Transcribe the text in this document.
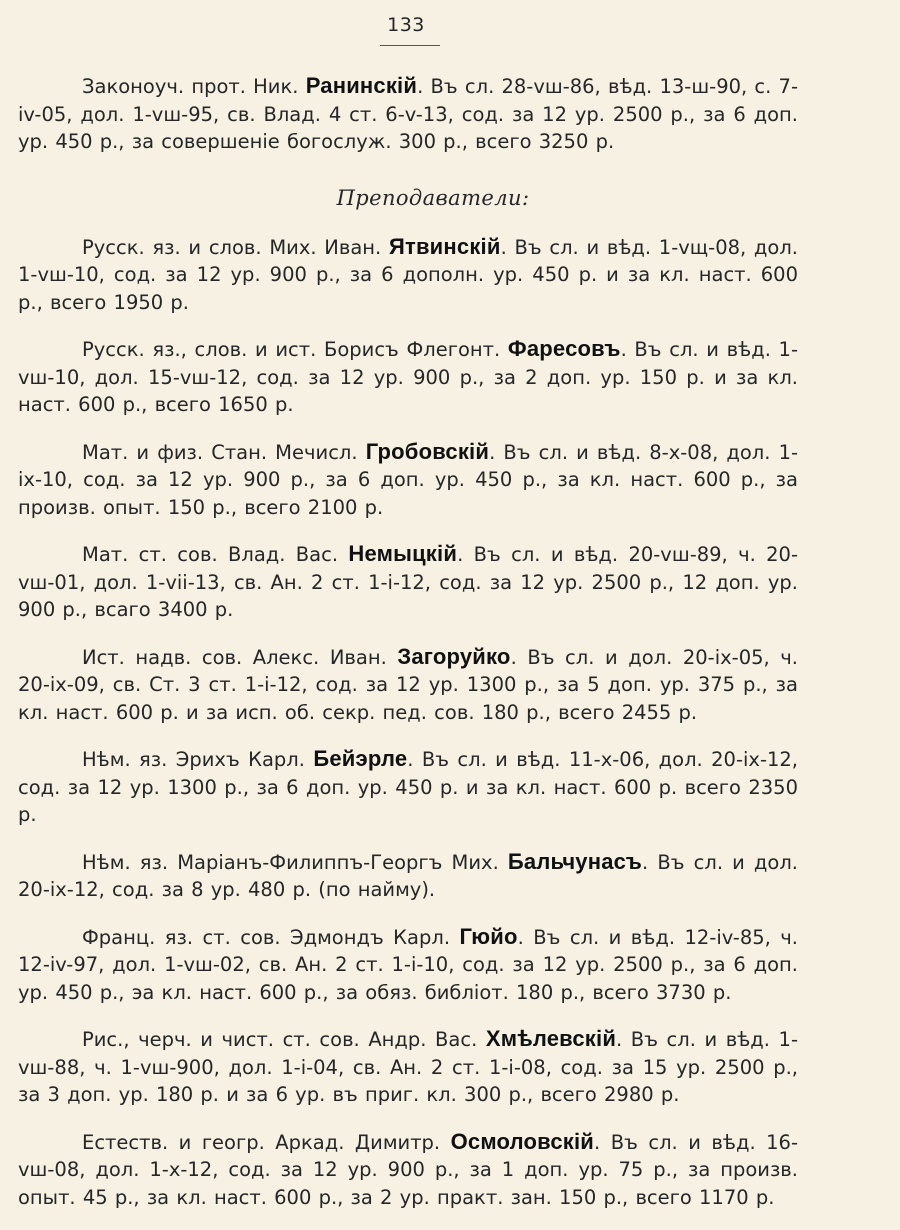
133

Законоуч. прот. Ник. Ранинскій. Въ сл. 28-vш-86, вѣд. 13-ш-90, с. 7-iv-05, дол. 1-vш-95, св. Влад. 4 ст. 6-v-13, сод. за 12 ур. 2500 р., за 6 доп. ур. 450 р., за совершеніе богослуж. 300 р., всего 3250 р.

Преподаватели:

Русск. яз. и слов. Мих. Иван. Ятвинскій. Въ сл. и вѣд. 1-vщ-08, дол. 1-vш-10, сод. за 12 ур. 900 р., за 6 дополн. ур. 450 р. и за кл. наст. 600 р., всего 1950 р.

Русск. яз., слов. и ист. Борисъ Флегонт. Фаресовъ. Въ сл. и вѣд. 1-vш-10, дол. 15-vш-12, сод. за 12 ур. 900 р., за 2 доп. ур. 150 р. и за кл. наст. 600 р., всего 1650 р.

Мат. и физ. Стан. Мечисл. Гробовскій. Въ сл. и вѣд. 8-х-08, дол. 1-ix-10, сод. за 12 ур. 900 р., за 6 доп. ур. 450 р., за кл. наст. 600 р., за произв. опыт. 150 р., всего 2100 р.

Мат. ст. сов. Влад. Вас. Немыцкій. Въ сл. и вѣд. 20-vш-89, ч. 20-vш-01, дол. 1-vii-13, св. Ан. 2 ст. 1-i-12, сод. за 12 ур. 2500 р., 12 доп. ур. 900 р., всаго 3400 р.

Ист. надв. сов. Алекс. Иван. Загоруйко. Въ сл. и дол. 20-ix-05, ч. 20-ix-09, св. Ст. 3 ст. 1-i-12, сод. за 12 ур. 1300 р., за 5 доп. ур. 375 р., за кл. наст. 600 р. и за исп. об. секр. пед. сов. 180 р., всего 2455 р.

Нѣм. яз. Эрихъ Карл. Бейэрле. Въ сл. и вѣд. 11-х-06, дол. 20-ix-12, сод. за 12 ур. 1300 р., за 6 доп. ур. 450 р. и за кл. наст. 600 р. всего 2350 р.

Нѣм. яз. Маріанъ-Филиппъ-Георгъ Мих. Бальчунасъ. Въ сл. и дол. 20-ix-12, сод. за 8 ур. 480 р. (по найму).

Франц. яз. ст. сов. Эдмондъ Карл. Гюйо. Въ сл. и вѣд. 12-iv-85, ч. 12-iv-97, дол. 1-vш-02, св. Ан. 2 ст. 1-i-10, сод. за 12 ур. 2500 р., за 6 доп. ур. 450 р., эа кл. наст. 600 р., за обяз. библiот. 180 р., всего 3730 р.

Рис., черч. и чист. ст. сов. Андр. Вас. Хмѣлевскій. Въ сл. и вѣд. 1-vш-88, ч. 1-vш-900, дол. 1-i-04, св. Ан. 2 ст. 1-i-08, сод. за 15 ур. 2500 р., за 3 доп. ур. 180 р. и за 6 ур. въ приг. кл. 300 р., всего 2980 р.

Естеств. и геогр. Аркад. Димитр. Осмоловскій. Въ сл. и вѣд. 16-vш-08, дол. 1-х-12, сод. за 12 ур. 900 р., за 1 доп. ур. 75 р., за произв. опыт. 45 р., за кл. наст. 600 р., за 2 ур. практ. зан. 150 р., всего 1170 р.
